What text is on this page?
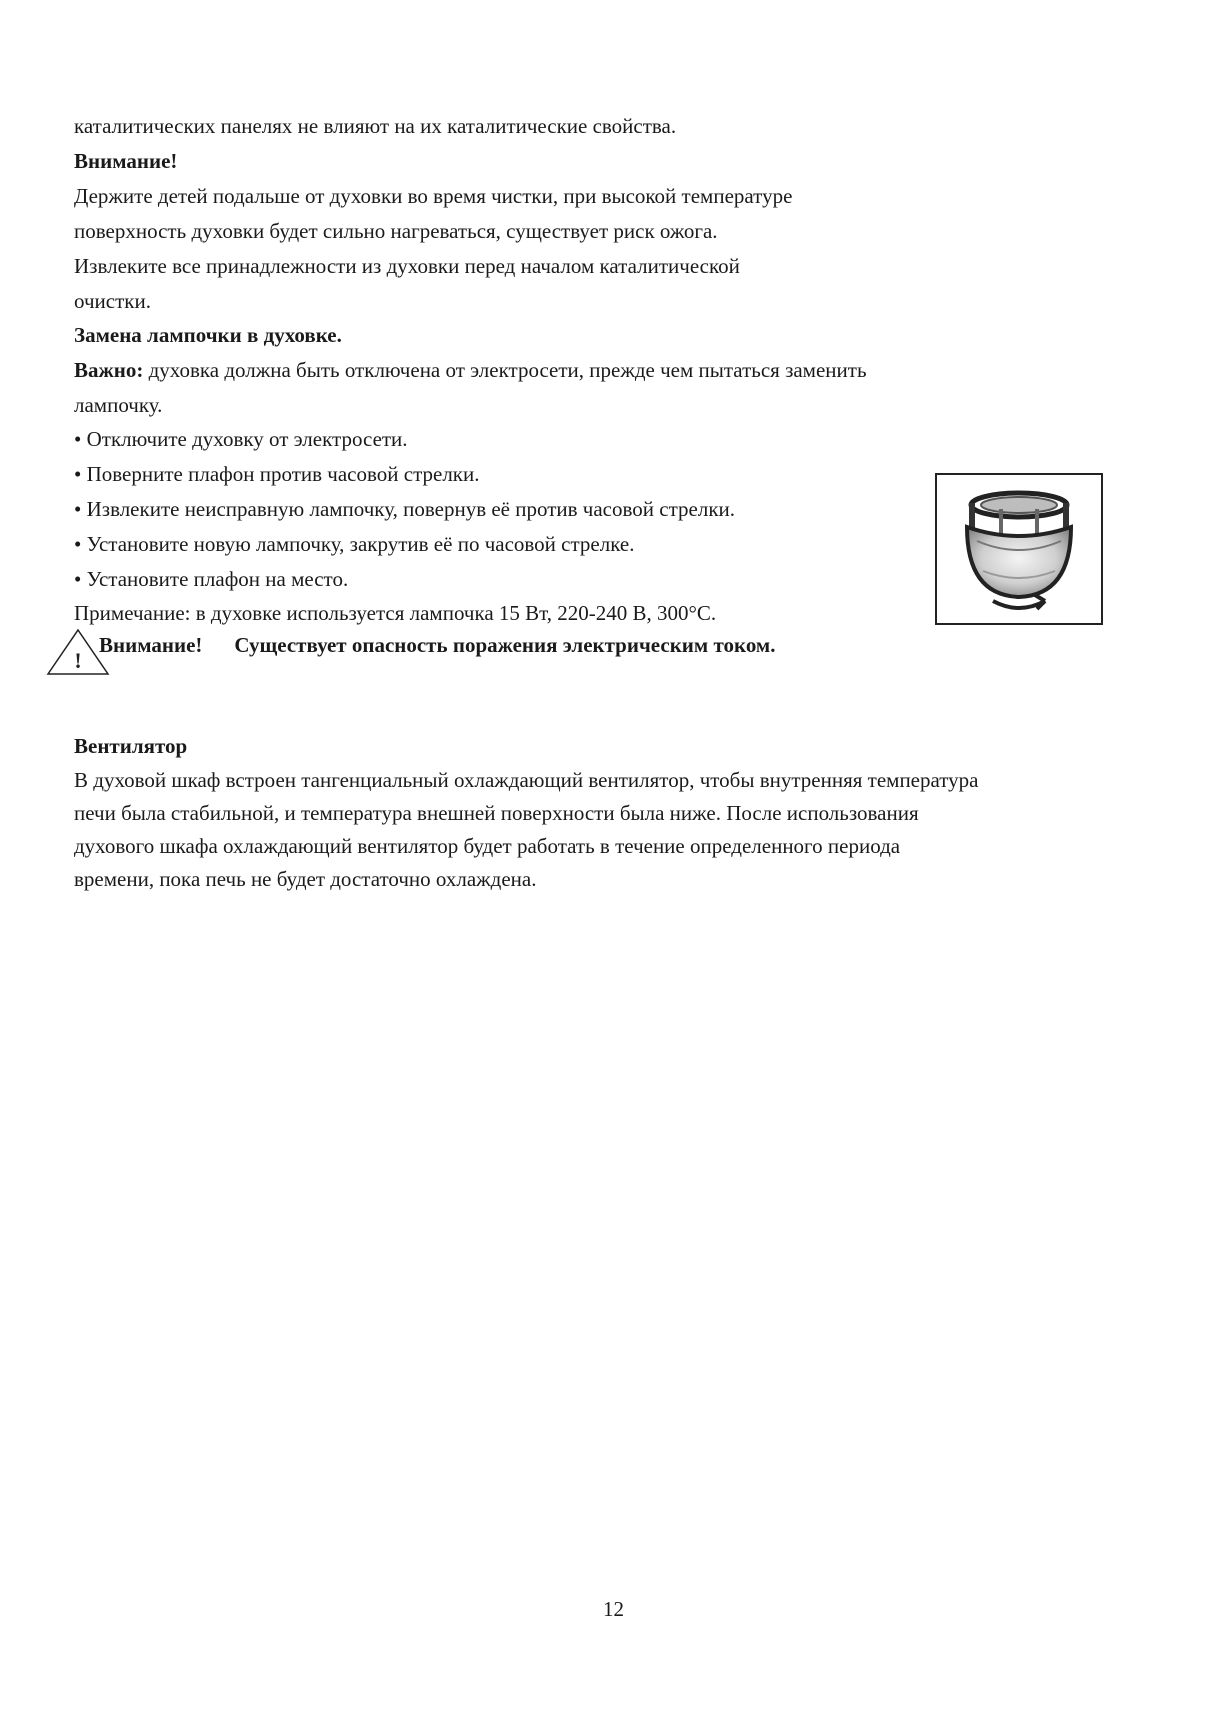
каталитических панелях не влияют на их каталитические свойства.

Внимание!

Держите детей подальше от духовки во время чистки, при высокой температуре

поверхность духовки будет сильно нагреваться, существует риск ожога.

Извлеките все принадлежности из духовки перед началом каталитической

очистки.

Замена лампочки в духовке.

Важно: духовка должна быть отключена от электросети, прежде чем пытаться заменить

лампочку.

• Отключите духовку от электросети.

• Поверните плафон против часовой стрелки.

• Извлеките неисправную лампочку, повернув её против часовой стрелки.

• Установите новую лампочку, закрутив её по часовой стрелке.

• Установите плафон на место.

Примечание: в духовке используется лампочка 15 Вт, 220-240 В, 300°C.

!
Внимание! Существует опасность поражения электрическим током.

Вентилятор

В духовой шкаф встроен тангенциальный охлаждающий вентилятор, чтобы внутренняя температура

печи была стабильной, и температура внешней поверхности была ниже. После использования

духового шкафа охлаждающий вентилятор будет работать в течение определенного периода

времени, пока печь не будет достаточно охлаждена.

12
